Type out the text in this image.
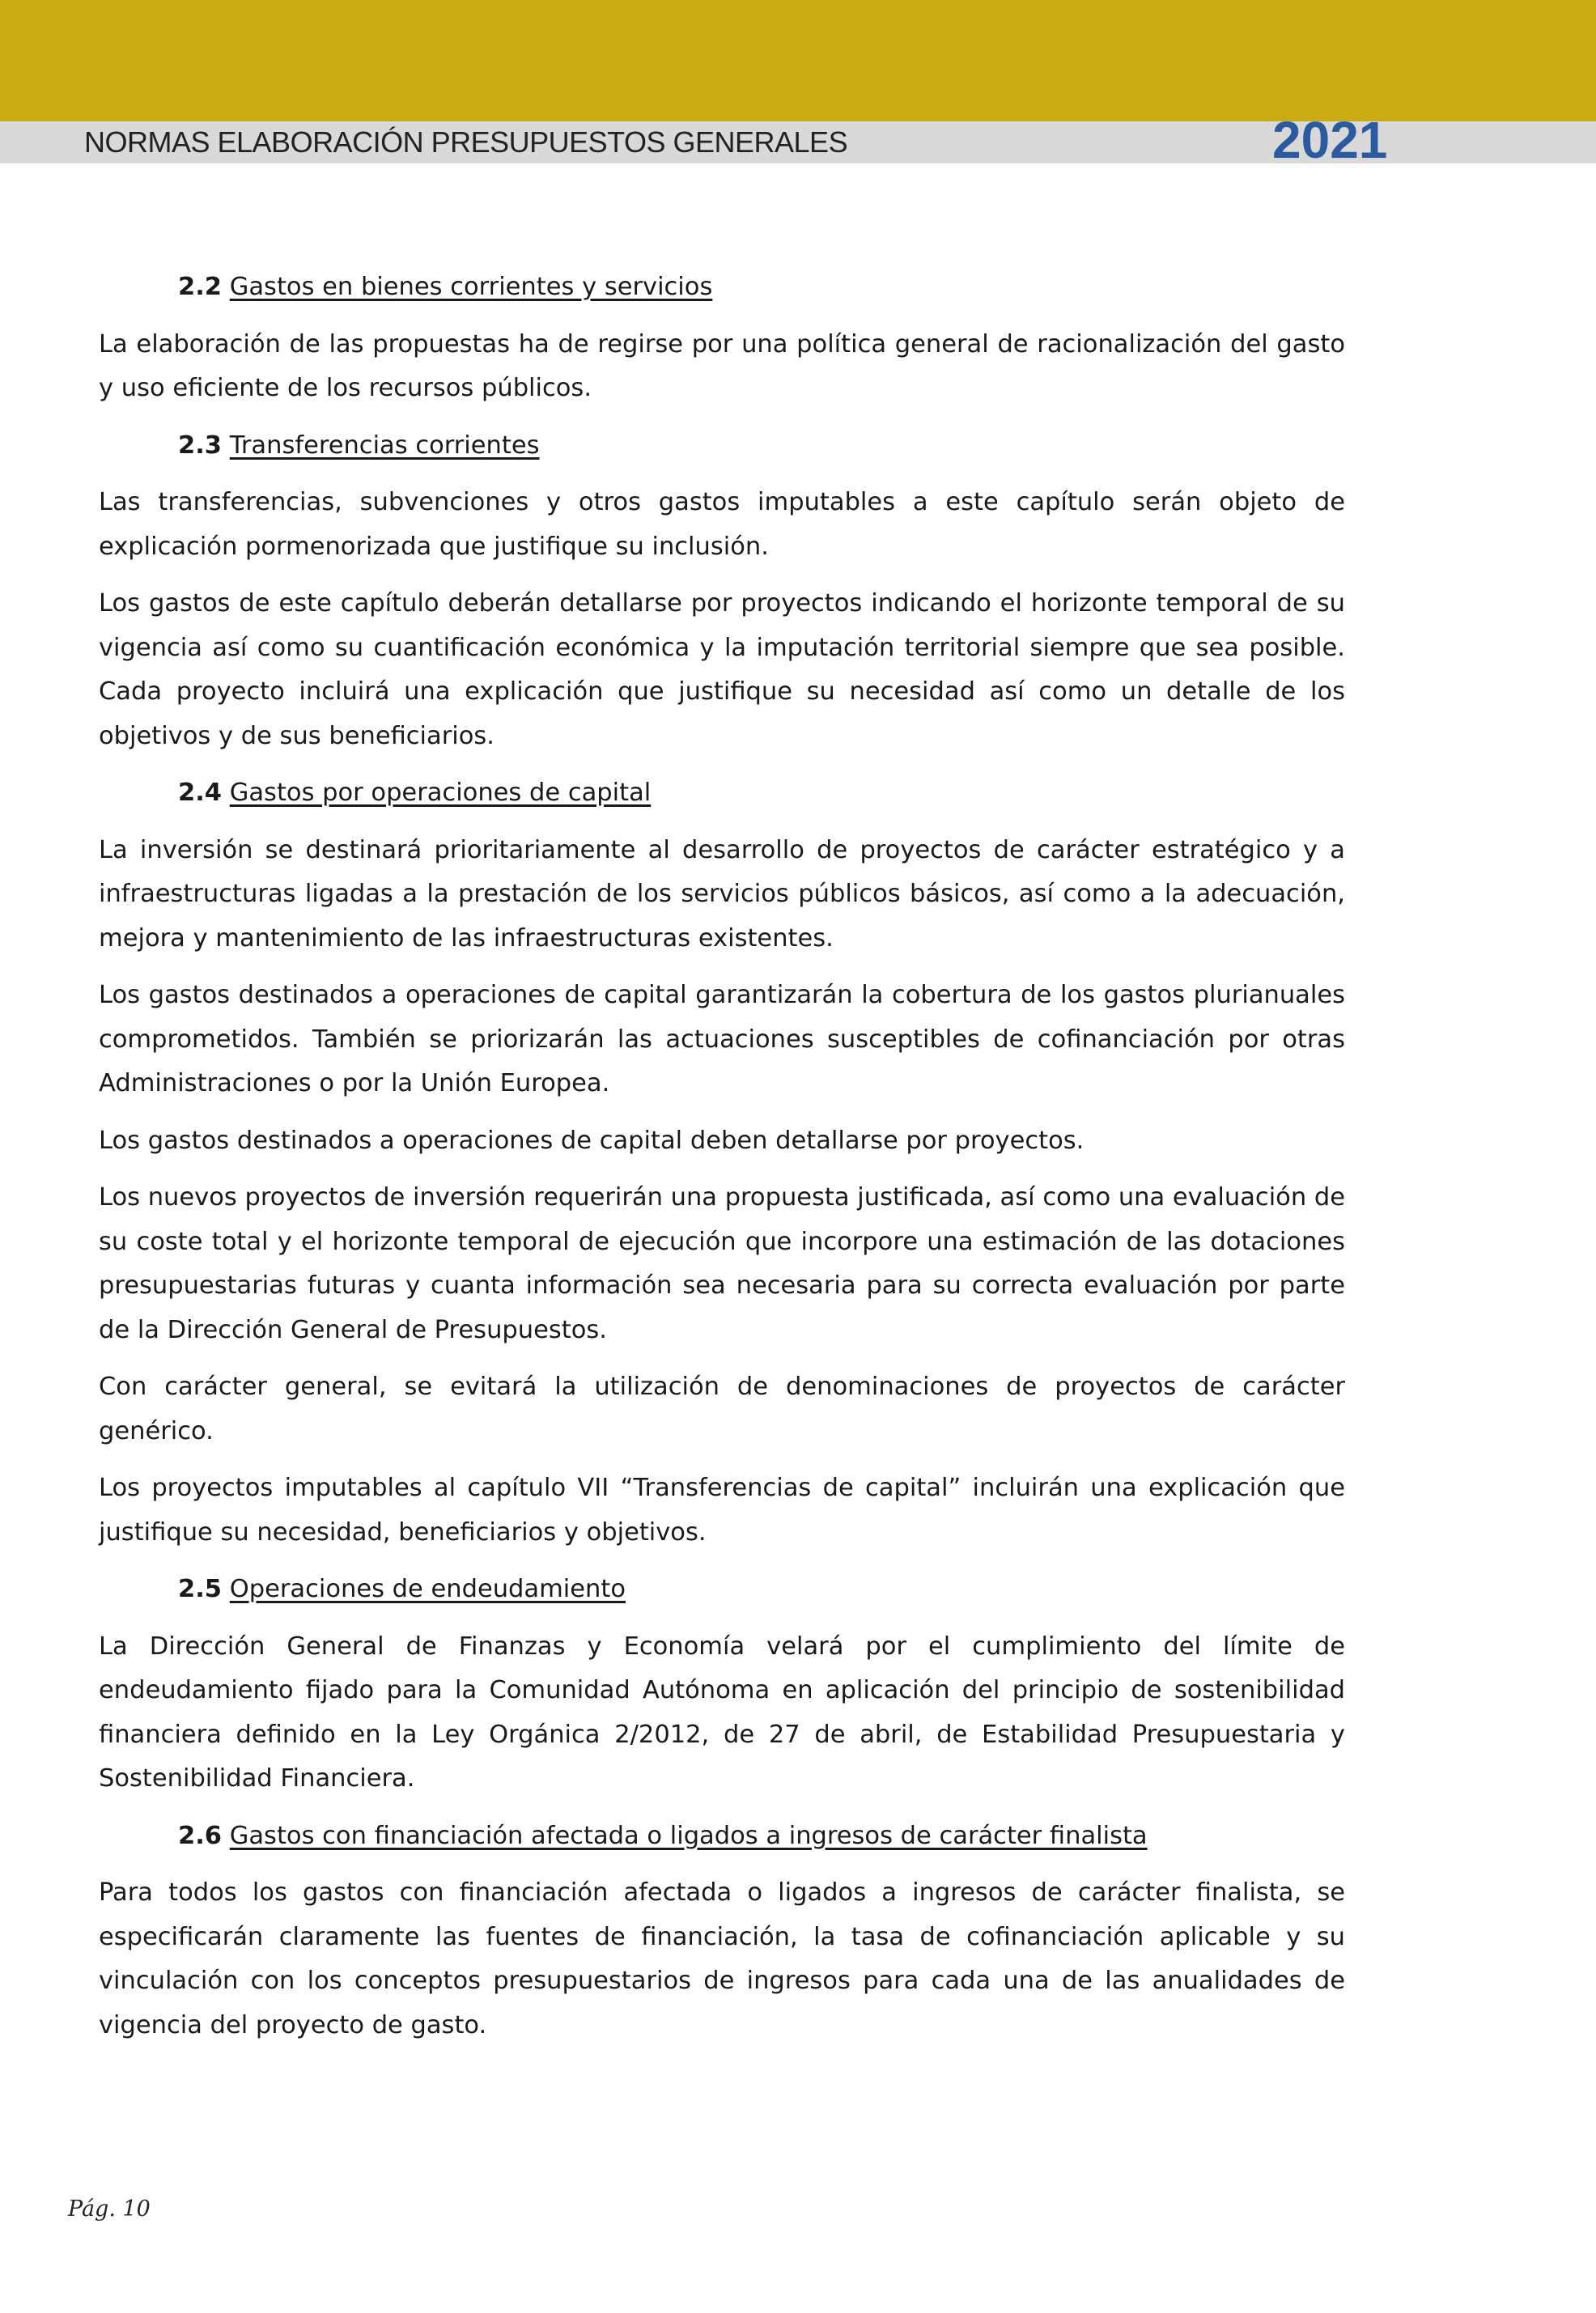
NORMAS ELABORACIÓN PRESUPUESTOS GENERALES	2021
2.2 Gastos en bienes corrientes y servicios

La elaboración de las propuestas ha de regirse por una política general de racionalización del gasto y uso eficiente de los recursos públicos.

2.3 Transferencias corrientes

Las transferencias, subvenciones y otros gastos imputables a este capítulo serán objeto de explicación pormenorizada que justifique su inclusión.

Los gastos de este capítulo deberán detallarse por proyectos indicando el horizonte temporal de su vigencia así como su cuantificación económica y la imputación territorial siempre que sea posible. Cada proyecto incluirá una explicación que justifique su necesidad así como un detalle de los objetivos y de sus beneficiarios.

2.4 Gastos por operaciones de capital

La inversión se destinará prioritariamente al desarrollo de proyectos de carácter estratégico y a infraestructuras ligadas a la prestación de los servicios públicos básicos, así como a la adecuación, mejora y mantenimiento de las infraestructuras existentes.

Los gastos destinados a operaciones de capital garantizarán la cobertura de los gastos plurianuales comprometidos. También se priorizarán las actuaciones susceptibles de cofinanciación por otras Administraciones o por la Unión Europea.

Los gastos destinados a operaciones de capital deben detallarse por proyectos.

Los nuevos proyectos de inversión requerirán una propuesta justificada, así como una evaluación de su coste total y el horizonte temporal de ejecución que incorpore una estimación de las dotaciones presupuestarias futuras y cuanta información sea necesaria para su correcta evaluación por parte de la Dirección General de Presupuestos.

Con carácter general, se evitará la utilización de denominaciones de proyectos de carácter genérico.

Los proyectos imputables al capítulo VII “Transferencias de capital” incluirán una explicación que justifique su necesidad, beneficiarios y objetivos.

2.5 Operaciones de endeudamiento

La Dirección General de Finanzas y Economía velará por el cumplimiento del límite de endeudamiento fijado para la Comunidad Autónoma en aplicación del principio de sostenibilidad financiera definido en la Ley Orgánica 2/2012, de 27 de abril, de Estabilidad Presupuestaria y Sostenibilidad Financiera.

2.6 Gastos con financiación afectada o ligados a ingresos de carácter finalista

Para todos los gastos con financiación afectada o ligados a ingresos de carácter finalista, se especificarán claramente las fuentes de financiación, la tasa de cofinanciación aplicable y su vinculación con los conceptos presupuestarios de ingresos para cada una de las anualidades de vigencia del proyecto de gasto.

Pág. 10
